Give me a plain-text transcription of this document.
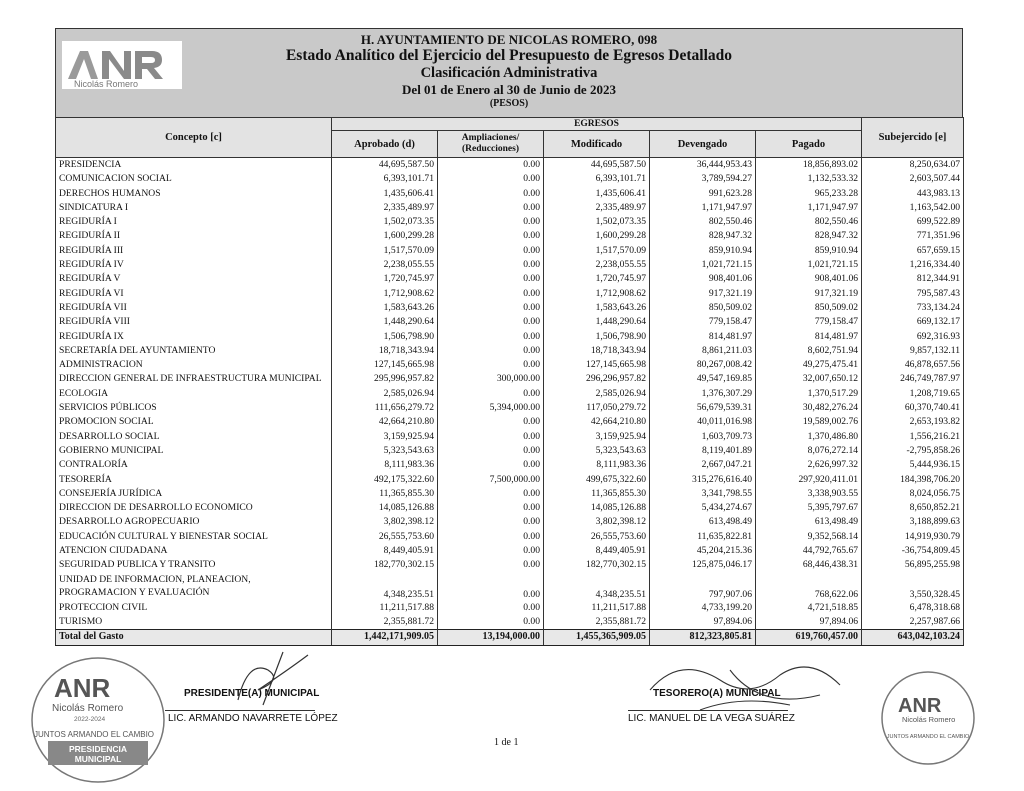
Nicolás Romero
H. AYUNTAMIENTO DE NICOLAS ROMERO, 098
Estado Analítico del Ejercicio del Presupuesto de Egresos Detallado
Clasificación Administrativa
Del 01 de Enero al 30 de Junio de 2023
(PESOS)
Concepto [c]	EGRESOS					Subejercido [e]
	Aprobado (d)	Ampliaciones/ (Reducciones)	Modificado	Devengado	Pagado	
PRESIDENCIA	44,695,587.50	0.00	44,695,587.50	36,444,953.43	18,856,893.02	8,250,634.07
COMUNICACION SOCIAL	6,393,101.71	0.00	6,393,101.71	3,789,594.27	1,132,533.32	2,603,507.44
DERECHOS HUMANOS	1,435,606.41	0.00	1,435,606.41	991,623.28	965,233.28	443,983.13
SINDICATURA I	2,335,489.97	0.00	2,335,489.97	1,171,947.97	1,171,947.97	1,163,542.00
REGIDURÍA I	1,502,073.35	0.00	1,502,073.35	802,550.46	802,550.46	699,522.89
REGIDURÍA II	1,600,299.28	0.00	1,600,299.28	828,947.32	828,947.32	771,351.96
REGIDURÍA III	1,517,570.09	0.00	1,517,570.09	859,910.94	859,910.94	657,659.15
REGIDURÍA IV	2,238,055.55	0.00	2,238,055.55	1,021,721.15	1,021,721.15	1,216,334.40
REGIDURÍA V	1,720,745.97	0.00	1,720,745.97	908,401.06	908,401.06	812,344.91
REGIDURÍA VI	1,712,908.62	0.00	1,712,908.62	917,321.19	917,321.19	795,587.43
REGIDURÍA VII	1,583,643.26	0.00	1,583,643.26	850,509.02	850,509.02	733,134.24
REGIDURÍA VIII	1,448,290.64	0.00	1,448,290.64	779,158.47	779,158.47	669,132.17
REGIDURÍA IX	1,506,798.90	0.00	1,506,798.90	814,481.97	814,481.97	692,316.93
SECRETARÍA DEL AYUNTAMIENTO	18,718,343.94	0.00	18,718,343.94	8,861,211.03	8,602,751.94	9,857,132.11
ADMINISTRACION	127,145,665.98	0.00	127,145,665.98	80,267,008.42	49,275,475.41	46,878,657.56
DIRECCION GENERAL DE INFRAESTRUCTURA MUNICIPAL	295,996,957.82	300,000.00	296,296,957.82	49,547,169.85	32,007,650.12	246,749,787.97
ECOLOGIA	2,585,026.94	0.00	2,585,026.94	1,376,307.29	1,370,517.29	1,208,719.65
SERVICIOS PÚBLICOS	111,656,279.72	5,394,000.00	117,050,279.72	56,679,539.31	30,482,276.24	60,370,740.41
PROMOCION SOCIAL	42,664,210.80	0.00	42,664,210.80	40,011,016.98	19,589,002.76	2,653,193.82
DESARROLLO SOCIAL	3,159,925.94	0.00	3,159,925.94	1,603,709.73	1,370,486.80	1,556,216.21
GOBIERNO MUNICIPAL	5,323,543.63	0.00	5,323,543.63	8,119,401.89	8,076,272.14	-2,795,858.26
CONTRALORÍA	8,111,983.36	0.00	8,111,983.36	2,667,047.21	2,626,997.32	5,444,936.15
TESORERÍA	492,175,322.60	7,500,000.00	499,675,322.60	315,276,616.40	297,920,411.01	184,398,706.20
CONSEJERÍA JURÍDICA	11,365,855.30	0.00	11,365,855.30	3,341,798.55	3,338,903.55	8,024,056.75
DIRECCION DE DESARROLLO ECONOMICO	14,085,126.88	0.00	14,085,126.88	5,434,274.67	5,395,797.67	8,650,852.21
DESARROLLO AGROPECUARIO	3,802,398.12	0.00	3,802,398.12	613,498.49	613,498.49	3,188,899.63
EDUCACIÓN CULTURAL Y BIENESTAR SOCIAL	26,555,753.60	0.00	26,555,753.60	11,635,822.81	9,352,568.14	14,919,930.79
ATENCION CIUDADANA	8,449,405.91	0.00	8,449,405.91	45,204,215.36	44,792,765.67	-36,754,809.45
SEGURIDAD PUBLICA Y TRANSITO	182,770,302.15	0.00	182,770,302.15	125,875,046.17	68,446,438.31	56,895,255.98
UNIDAD DE INFORMACION, PLANEACION, PROGRAMACION Y EVALUACIÓN	4,348,235.51	0.00	4,348,235.51	797,907.06	768,622.06	3,550,328.45
PROTECCION CIVIL	11,211,517.88	0.00	11,211,517.88	4,733,199.20	4,721,518.85	6,478,318.68
TURISMO	2,355,881.72	0.00	2,355,881.72	97,894.06	97,894.06	2,257,987.66
Total del Gasto	1,442,171,909.05	13,194,000.00	1,455,365,909.05	812,323,805.81	619,760,457.00	643,042,103.24
PRESIDENTE(A) MUNICIPAL
LIC. ARMANDO NAVARRETE LÓPEZ
TESORERO(A) MUNICIPAL
LIC. MANUEL DE LA VEGA SUÁREZ
ANR
Nicolás Romero
2022-2024
JUNTOS ARMANDO EL CAMBIO
PRESIDENCIA
MUNICIPAL
ANR
Nicolás Romero
JUNTOS ARMANDO EL CAMBIO
1 de 1
